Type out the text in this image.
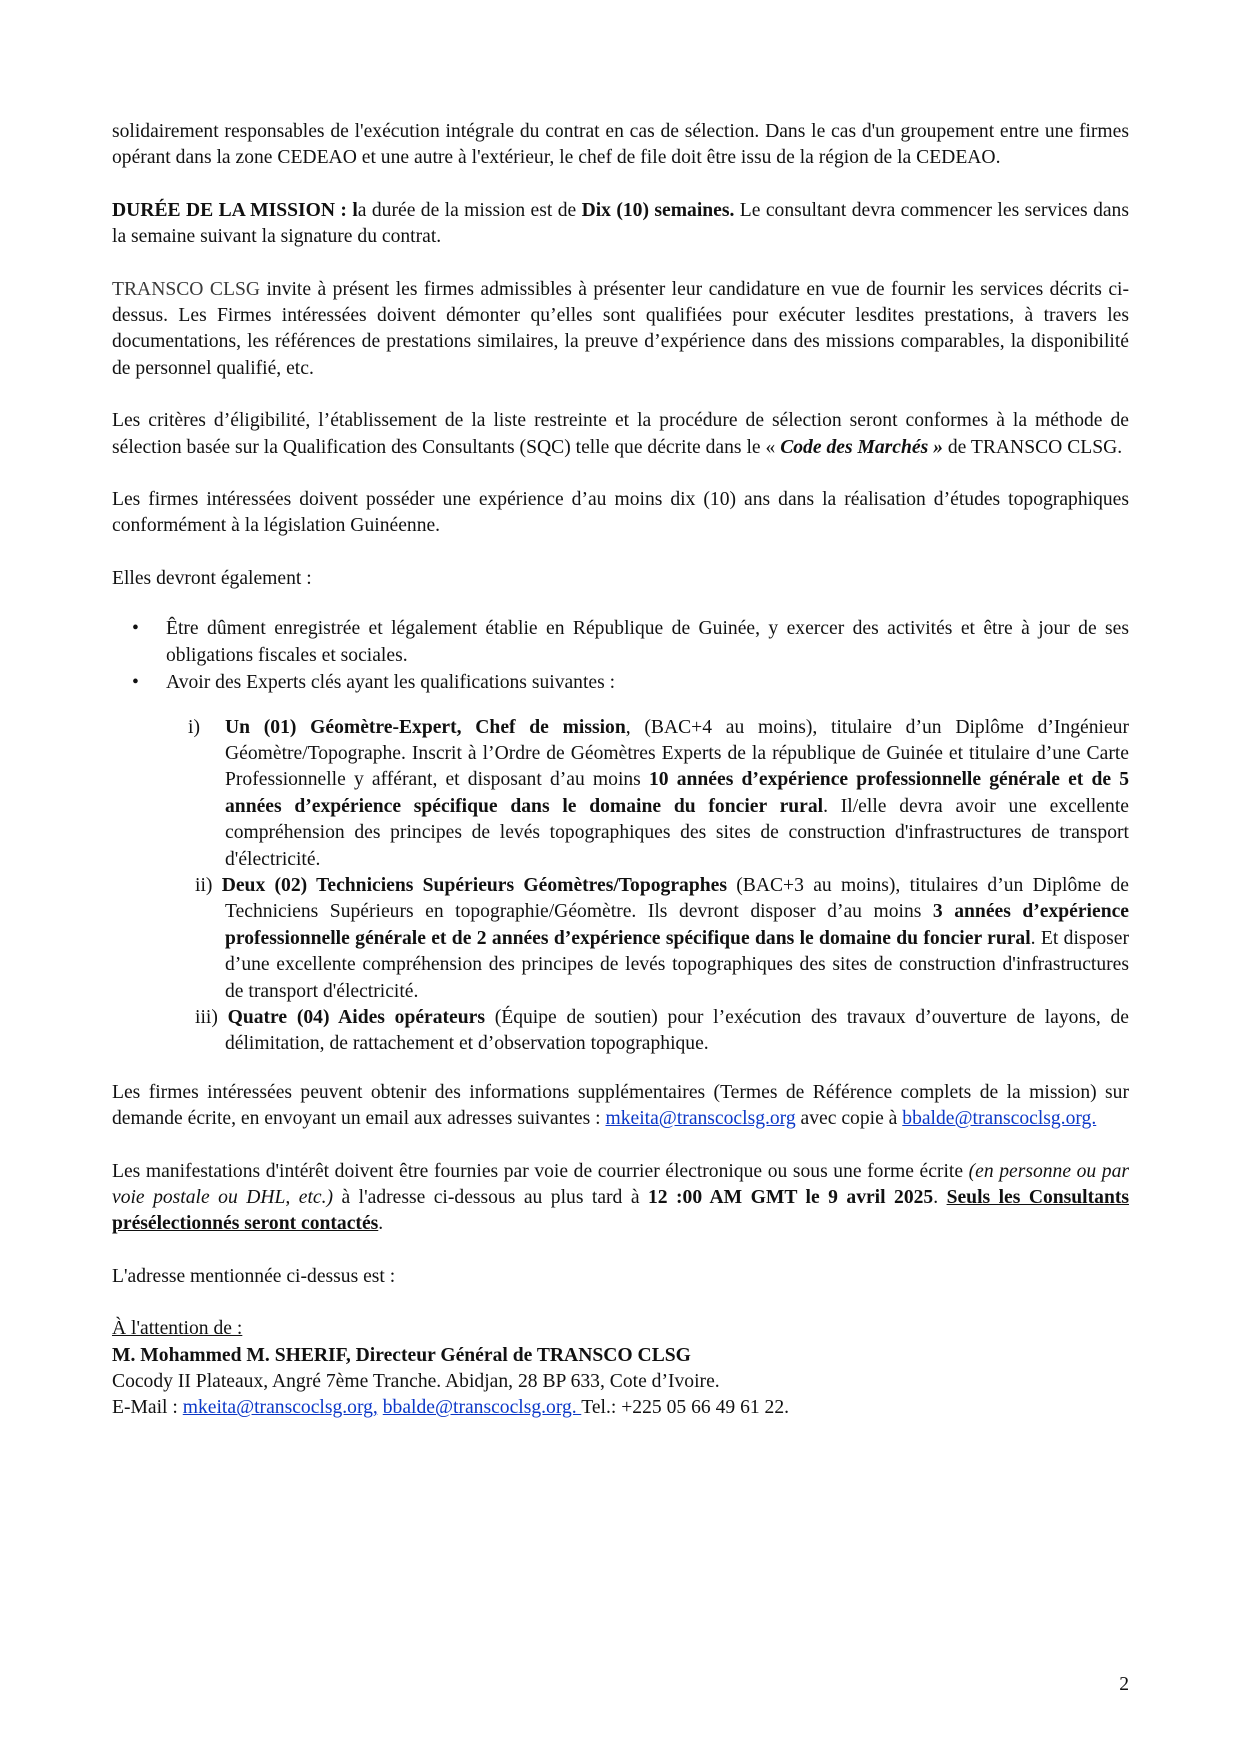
solidairement responsables de l'exécution intégrale du contrat en cas de sélection. Dans le cas d'un groupement entre une firmes opérant dans la zone CEDEAO et une autre à l'extérieur, le chef de file doit être issu de la région de la CEDEAO.

DURÉE DE LA MISSION : la durée de la mission est de Dix (10) semaines. Le consultant devra commencer les services dans la semaine suivant la signature du contrat.

TRANSCO CLSG invite à présent les firmes admissibles à présenter leur candidature en vue de fournir les services décrits ci-dessus. Les Firmes intéressées doivent démonter qu’elles sont qualifiées pour exécuter lesdites prestations, à travers les documentations, les références de prestations similaires, la preuve d’expérience dans des missions comparables, la disponibilité de personnel qualifié, etc.

Les critères d’éligibilité, l’établissement de la liste restreinte et la procédure de sélection seront conformes à la méthode de sélection basée sur la Qualification des Consultants (SQC) telle que décrite dans le « Code des Marchés » de TRANSCO CLSG.

Les firmes intéressées doivent posséder une expérience d’au moins dix (10) ans dans la réalisation d’études topographiques conformément à la législation Guinéenne.

Elles devront également :

• Être dûment enregistrée et légalement établie en République de Guinée, y exercer des activités et être à jour de ses obligations fiscales et sociales.
• Avoir des Experts clés ayant les qualifications suivantes :
i) Un (01) Géomètre-Expert, Chef de mission, (BAC+4 au moins), titulaire d’un Diplôme d’Ingénieur Géomètre/Topographe. Inscrit à l’Ordre de Géomètres Experts de la république de Guinée et titulaire d’une Carte Professionnelle y afférant, et disposant d’au moins 10 années d’expérience professionnelle générale et de 5 années d’expérience spécifique dans le domaine du foncier rural. Il/elle devra avoir une excellente compréhension des principes de levés topographiques des sites de construction d'infrastructures de transport d'électricité.
ii) Deux (02) Techniciens Supérieurs Géomètres/Topographes (BAC+3 au moins), titulaires d’un Diplôme de Techniciens Supérieurs en topographie/Géomètre. Ils devront disposer d’au moins 3 années d’expérience professionnelle générale et de 2 années d’expérience spécifique dans le domaine du foncier rural. Et disposer d’une excellente compréhension des principes de levés topographiques des sites de construction d'infrastructures de transport d'électricité.
iii) Quatre (04) Aides opérateurs (Équipe de soutien) pour l’exécution des travaux d’ouverture de layons, de délimitation, de rattachement et d’observation topographique.

Les firmes intéressées peuvent obtenir des informations supplémentaires (Termes de Référence complets de la mission) sur demande écrite, en envoyant un email aux adresses suivantes : mkeita@transcoclsg.org avec copie à bbalde@transcoclsg.org.

Les manifestations d'intérêt doivent être fournies par voie de courrier électronique ou sous une forme écrite (en personne ou par voie postale ou DHL, etc.) à l'adresse ci-dessous au plus tard à 12 :00 AM GMT le 9 avril 2025. Seuls les Consultants présélectionnés seront contactés.

L'adresse mentionnée ci-dessus est :

À l'attention de :

M. Mohammed M. SHERIF, Directeur Général de TRANSCO CLSG

Cocody II Plateaux, Angré 7ème Tranche. Abidjan, 28 BP 633, Cote d’Ivoire.

E-Mail : mkeita@transcoclsg.org, bbalde@transcoclsg.org. Tel.: +225 05 66 49 61 22.

2
